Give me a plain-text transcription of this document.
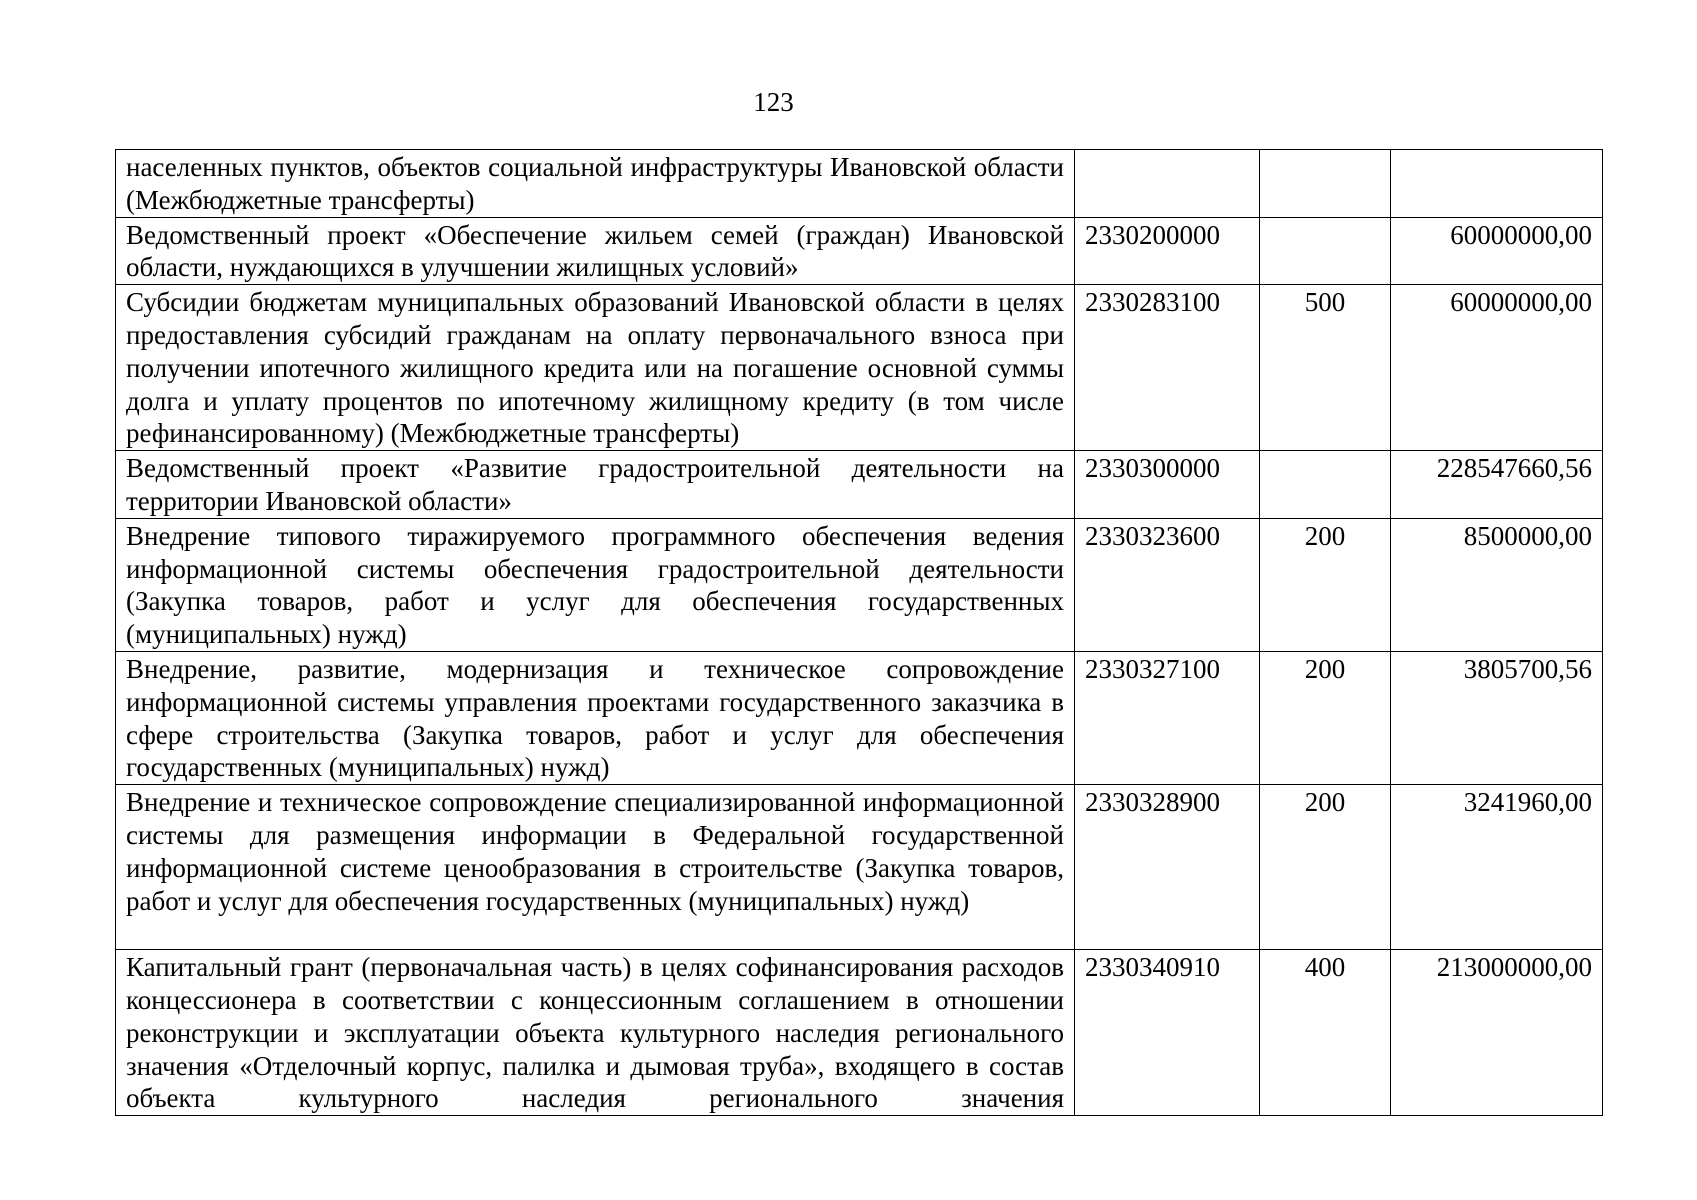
123
населенных пунктов, объектов социальной инфраструктуры Ивановской области (Межбюджетные трансферты)			
Ведомственный проект «Обеспечение жильем семей (граждан) Ивановской области, нуждающихся в улучшении жилищных условий»	2330200000		60000000,00
Субсидии бюджетам муниципальных образований Ивановской области в целях предоставления субсидий гражданам на оплату первоначального взноса при получении ипотечного жилищного кредита или на погашение основной суммы долга и уплату процентов по ипотечному жилищному кредиту (в том числе рефинансированному) (Межбюджетные трансферты)	2330283100	500	60000000,00
Ведомственный проект «Развитие градостроительной деятельности на территории Ивановской области»	2330300000		228547660,56
Внедрение типового тиражируемого программного обеспечения ведения информационной системы обеспечения градостроительной деятельности (Закупка товаров, работ и услуг для обеспечения государственных (муниципальных) нужд)	2330323600	200	8500000,00
Внедрение, развитие, модернизация и техническое сопровождение информационной системы управления проектами государственного заказчика в сфере строительства (Закупка товаров, работ и услуг для обеспечения государственных (муниципальных) нужд)	2330327100	200	3805700,56
Внедрение и техническое сопровождение специализированной информационной системы для размещения информации в Федеральной государственной информационной системе ценообразования в строительстве (Закупка товаров, работ и услуг для обеспечения государственных (муниципальных) нужд)	2330328900	200	3241960,00
Капитальный грант (первоначальная часть) в целях софинансирования расходов концессионера в соответствии с концессионным соглашением в отношении реконструкции и эксплуатации объекта культурного наследия регионального значения «Отделочный корпус, палилка и дымовая труба», входящего в состав объекта культурного наследия регионального значения	2330340910	400	213000000,00
